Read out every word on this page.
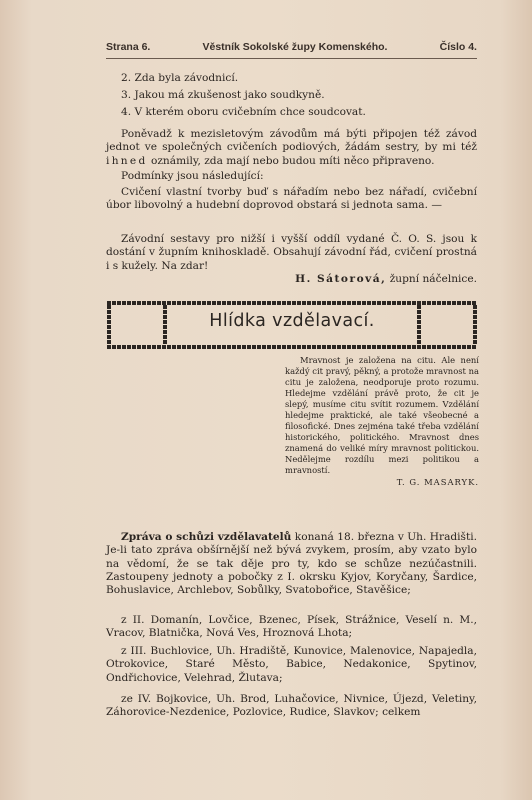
Strana 6.	Věstník Sokolské župy Komenského.	Číslo 4.
2. Zda byla závodnicí.
3. Jakou má zkušenost jako soudkyně.
4. V kterém oboru cvičebním chce soudcovat.
Poněvadž k mezisletovým závodům má býti připojen též závod jednot ve společných cvičeních podiových, žádám sestry, by mi též ihned oznámily, zda mají nebo budou míti něco připraveno.
Podmínky jsou následující:
Cvičení vlastní tvorby buď s nářadím nebo bez nářadí, cvičební úbor libovolný a hudební doprovod obstará si jednota sama. —
Závodní sestavy pro nižší i vyšší oddíl vydané Č. O. S. jsou k dostání v župním knihoskladě. Obsahují závodní řád, cvičení prostná i s kužely. Na zdar!
H. Sátorová, župní náčelnice.
Hlídka vzdělavací.
Mravnost je založena na citu. Ale není každý cit pravý, pěkný, a protože mravnost na citu je založena, neodporuje proto rozumu. Hledejme vzdělání právě proto, že cit je slepý, musíme citu svítit rozumem. Vzdělání hledejme praktické, ale také všeobecné a filosofické. Dnes zejména také třeba vzdělání historického, politického. Mravnost dnes znamená do veliké míry mravnost politickou. Nedělejme rozdílu mezi politikou a mravností.
T. G. MASARYK.

Zpráva o schůzi vzdělavatelů konaná 18. března v Uh. Hradišti. Je-li tato zpráva obšírnější než bývá zvykem, prosím, aby vzato bylo na vědomí, že se tak děje pro ty, kdo se schůze nezúčastnili. Zastoupeny jednoty a pobočky z I. okrsku Kyjov, Koryčany, Šardice, Bohuslavice, Archlebov, Sobůlky, Svatobořice, Stavěšice;

z II. Domanín, Lovčice, Bzenec, Písek, Strážnice, Veselí n. M., Vracov, Blatnička, Nová Ves, Hroznová Lhota;

z III. Buchlovice, Uh. Hradiště, Kunovice, Malenovice, Napajedla, Otrokovice, Staré Město, Babice, Nedakonice, Spytinov, Ondřichovice, Velehrad, Žlutava;

ze IV. Bojkovice, Uh. Brod, Luhačovice, Nivnice, Újezd, Veletiny, Záhorovice-Nezdenice, Pozlovice, Rudice, Slavkov; celkem
